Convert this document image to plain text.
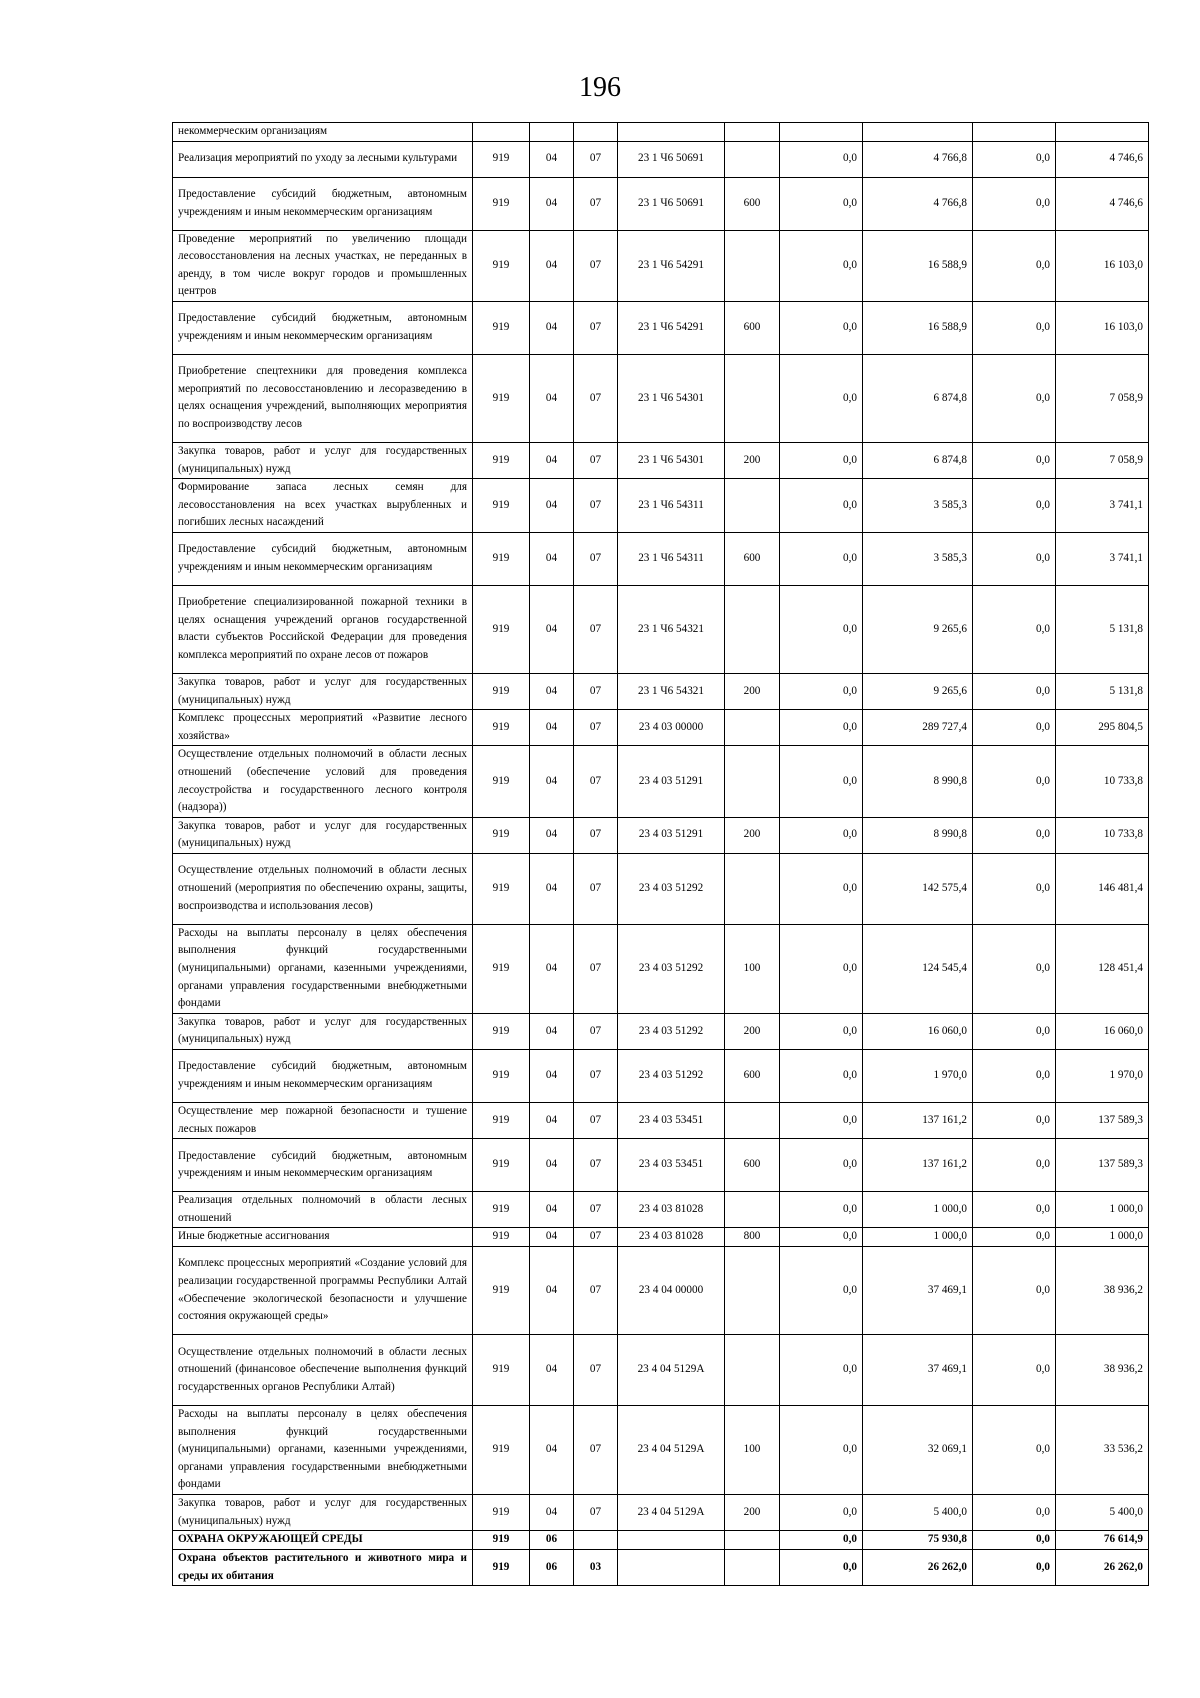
196
некоммерческим организациям									
Реализация мероприятий по уходу за лесными культурами	919	04	07	23 1 Ч6 50691		0,0	4 766,8	0,0	4 746,6
Предоставление субсидий бюджетным, автономным учреждениям и иным некоммерческим организациям	919	04	07	23 1 Ч6 50691	600	0,0	4 766,8	0,0	4 746,6
Проведение мероприятий по увеличению площади лесовосстановления на лесных участках, не переданных в аренду, в том числе вокруг городов и промышленных центров	919	04	07	23 1 Ч6 54291		0,0	16 588,9	0,0	16 103,0
Предоставление субсидий бюджетным, автономным учреждениям и иным некоммерческим организациям	919	04	07	23 1 Ч6 54291	600	0,0	16 588,9	0,0	16 103,0
Приобретение спецтехники для проведения комплекса мероприятий по лесовосстановлению и лесоразведению в целях оснащения учреждений, выполняющих мероприятия по воспроизводству лесов	919	04	07	23 1 Ч6 54301		0,0	6 874,8	0,0	7 058,9
Закупка товаров, работ и услуг для государственных (муниципальных) нужд	919	04	07	23 1 Ч6 54301	200	0,0	6 874,8	0,0	7 058,9
Формирование запаса лесных семян для лесовосстановления на всех участках вырубленных и погибших лесных насаждений	919	04	07	23 1 Ч6 54311		0,0	3 585,3	0,0	3 741,1
Предоставление субсидий бюджетным, автономным учреждениям и иным некоммерческим организациям	919	04	07	23 1 Ч6 54311	600	0,0	3 585,3	0,0	3 741,1
Приобретение специализированной пожарной техники в целях оснащения учреждений органов государственной власти субъектов Российской Федерации для проведения комплекса мероприятий по охране лесов от пожаров	919	04	07	23 1 Ч6 54321		0,0	9 265,6	0,0	5 131,8
Закупка товаров, работ и услуг для государственных (муниципальных) нужд	919	04	07	23 1 Ч6 54321	200	0,0	9 265,6	0,0	5 131,8
Комплекс процессных мероприятий «Развитие лесного хозяйства»	919	04	07	23 4 03 00000		0,0	289 727,4	0,0	295 804,5
Осуществление отдельных полномочий в области лесных отношений (обеспечение условий для проведения лесоустройства и государственного лесного контроля (надзора))	919	04	07	23 4 03 51291		0,0	8 990,8	0,0	10 733,8
Закупка товаров, работ и услуг для государственных (муниципальных) нужд	919	04	07	23 4 03 51291	200	0,0	8 990,8	0,0	10 733,8
Осуществление отдельных полномочий в области лесных отношений (мероприятия по обеспечению охраны, защиты, воспроизводства и использования лесов)	919	04	07	23 4 03 51292		0,0	142 575,4	0,0	146 481,4
Расходы на выплаты персоналу в целях обеспечения выполнения функций государственными (муниципальными) органами, казенными учреждениями, органами управления государственными внебюджетными фондами	919	04	07	23 4 03 51292	100	0,0	124 545,4	0,0	128 451,4
Закупка товаров, работ и услуг для государственных (муниципальных) нужд	919	04	07	23 4 03 51292	200	0,0	16 060,0	0,0	16 060,0
Предоставление субсидий бюджетным, автономным учреждениям и иным некоммерческим организациям	919	04	07	23 4 03 51292	600	0,0	1 970,0	0,0	1 970,0
Осуществление мер пожарной безопасности и тушение лесных пожаров	919	04	07	23 4 03 53451		0,0	137 161,2	0,0	137 589,3
Предоставление субсидий бюджетным, автономным учреждениям и иным некоммерческим организациям	919	04	07	23 4 03 53451	600	0,0	137 161,2	0,0	137 589,3
Реализация отдельных полномочий в области лесных отношений	919	04	07	23 4 03 81028		0,0	1 000,0	0,0	1 000,0
Иные бюджетные ассигнования	919	04	07	23 4 03 81028	800	0,0	1 000,0	0,0	1 000,0
Комплекс процессных мероприятий «Создание условий для реализации государственной программы Республики Алтай «Обеспечение экологической безопасности и улучшение состояния окружающей среды»	919	04	07	23 4 04 00000		0,0	37 469,1	0,0	38 936,2
Осуществление отдельных полномочий в области лесных отношений (финансовое обеспечение выполнения функций государственных органов Республики Алтай)	919	04	07	23 4 04 5129А		0,0	37 469,1	0,0	38 936,2
Расходы на выплаты персоналу в целях обеспечения выполнения функций государственными (муниципальными) органами, казенными учреждениями, органами управления государственными внебюджетными фондами	919	04	07	23 4 04 5129А	100	0,0	32 069,1	0,0	33 536,2
Закупка товаров, работ и услуг для государственных (муниципальных) нужд	919	04	07	23 4 04 5129А	200	0,0	5 400,0	0,0	5 400,0
ОХРАНА ОКРУЖАЮЩЕЙ СРЕДЫ	919	06				0,0	75 930,8	0,0	76 614,9
Охрана объектов растительного и животного мира и среды их обитания	919	06	03			0,0	26 262,0	0,0	26 262,0
